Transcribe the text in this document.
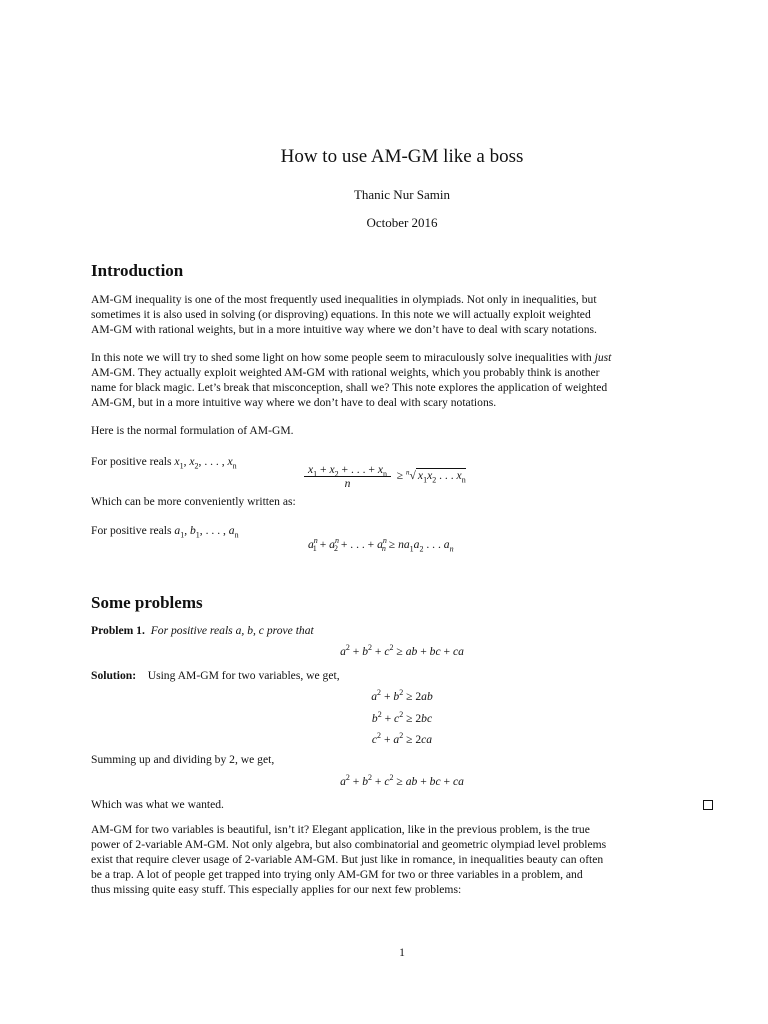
How to use AM-GM like a boss
Thanic Nur Samin
October 2016
Introduction
AM-GM inequality is one of the most frequently used inequalities in olympiads. Not only in inequalities, but
sometimes it is also used in solving (or disproving) equations. In this note we will actually exploit weighted
AM-GM with rational weights, but in a more intuitive way where we don’t have to deal with scary notations.
In this note we will try to shed some light on how some people seem to miraculously solve inequalities with just
AM-GM. They actually exploit weighted AM-GM with rational weights, which you probably think is another
name for black magic. Let’s break that misconception, shall we? This note explores the application of weighted
AM-GM, but in a more intuitive way where we don’t have to deal with scary notations.
Here is the normal formulation of AM-GM.
For positive reals $x_1$, $x_2$, . . . , $x_n$	$\frac{x_1 + x_2 + . . . + x_n}{n} \ge ^n√$ $x_1x_2$ . . . $x_n$
Which can be more conveniently written as:
For positive reals $a_1$, $b_1$, . . . , $a_n$
$a^n_1 + a^n_2$ + . . . + $a^n_n \ge na_1a_2$ . . . $a_n$
Some problems
Problem 1. For positive reals a, b, c prove that
$a^2 + b^2 + c^2$ ≥ ab + bc + ca
Solution: Using AM-GM for two variables, we get,
$a^2 + b^2 \ge 2ab$
$b^2 + c^2 \ge 2bc$
$c^2 + a^2 \ge 2ca$
Summing up and dividing by 2, we get,
$a^2 + b^2 + c^2$ ≥ ab + bc + ca
Which was what we wanted.
AM-GM for two variables is beautiful, isn’t it? Elegant application, like in the previous problem, is the true
power of 2-variable AM-GM. Not only algebra, but also combinatorial and geometric olympiad level problems
exist that require clever usage of 2-variable AM-GM. But just like in romance, in inequalities beauty can often
be a trap. A lot of people get trapped into trying only AM-GM for two or three variables in a problem, and
thus missing quite easy stuff. This especially applies for our next few problems:
1
